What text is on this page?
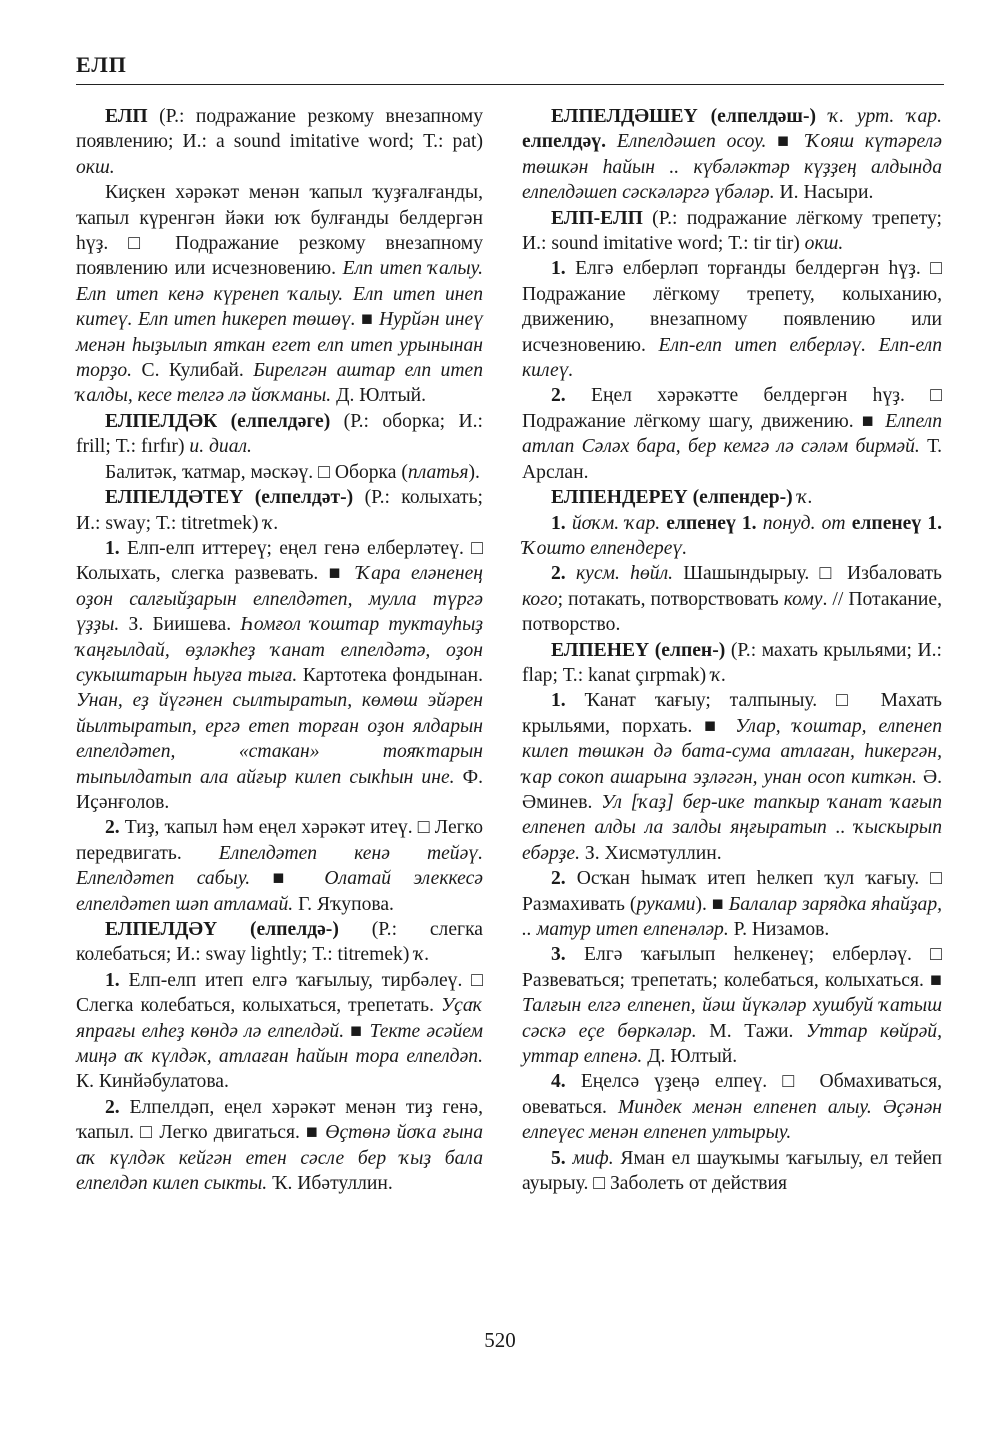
ЕЛП

ЕЛП (Р.: подражание резкому внезапному появлению; И.: a sound imitative word; Т.: pat) окш.

Киҫкен хәрәкәт менән ҡапыл ҡуҙғалғанды, ҡапыл күренгән йәки юҡ булғанды белдергән һүҙ. □ Подражание резкому внезапному появлению или исчезновению. Елп итеп ҡалыу. Елп итеп кенә күренеп ҡалыу. Елп итеп инеп китеү. Елп итеп һикереп төшөү. ■ Нурйән инеү менән һыҙылып яткан егет елп итеп урынынан торҙо. С. Кулибай. Бирелгән аштар елп итеп ҡалды, кесе телгә лә йоҡманы. Д. Юлтый.

ЕЛПЕЛДӘК (елпелдәге) (Р.: оборка; И.: frill; Т.: fırfır) и. диал.

Балитәк, ҡатмар, мәскәү. □ Оборка (платья).

ЕЛПЕЛДӘТЕҮ (елпелдәт-) (Р.: колыхать; И.: sway; Т.: titretmek) ҡ.

1. Елп-елп иттереү; еңел генә елберләтеү. □ Колыхать, слегка развевать. ■ Ҡара еләненең оҙон салғыйҙарын елпелдәтеп, мулла түргә үҙҙы. З. Биишева. Һомғол ҡоштар туктауһыҙ ҡаңғылдай, өҙләкһеҙ ҡанат елпелдәтә, оҙон сукыштарын һыуға тыға. Картотека фондынан. Унан, еҙ йүгәнен сылтыратып, көмөш эйәрен йылтыратып, ергә етеп торған оҙон ялдарын елпелдәтеп, «стакан» тояҡтарын тыпылдатып ала айғыр килеп сыкһын ине. Ф. Иҫәнғолов.

2. Тиҙ, ҡапыл һәм еңел хәрәкәт итеү. □ Легко передвигать. Елпелдәтеп кенә тейәү. Елпелдәтеп сабыу. ■ Олатай элеккесә елпелдәтеп шәп атламай. Г. Яҡупова.

ЕЛПЕЛДӘҮ (елпелдә-) (Р.: слегка колебаться; И.: sway lightly; Т.: titremek) ҡ.

1. Елп-елп итеп елгә ҡағылыу, тирбәлеү. □ Слегка колебаться, колыхаться, трепетать. Уҫаҡ япрағы елһеҙ көндә лә елпелдәй. ■ Текте әсәйем миңә аҡ күлдәк, атлаған һайын тора елпелдәп. К. Кинйәбулатова.

2. Елпелдәп, еңел хәрәкәт менән тиҙ генә, ҡапыл. □ Легко двигаться. ■ Өҫтөнә йоҡа ғына аҡ күлдәк кейгән етен сәсле бер ҡыҙ бала елпелдәп килеп сыкты. Ҡ. Ибәтуллин.

ЕЛПЕЛДӘШЕҮ (елпелдәш-) ҡ. урт. ҡар. елпелдәү. Елпелдәшеп осоу. ■ Ҡояш күтәрелә төшкән һайын .. күбәләктәр күҙҙең алдында елпелдәшеп сәскәләргә үбәләр. И. Насыри.

ЕЛП-ЕЛП (Р.: подражание лёгкому трепету; И.: sound imitative word; Т.: tir tir) окш.

1. Елгә елберләп торғанды белдергән һүҙ. □ Подражание лёгкому трепету, колыханию, движению, внезапному появлению или исчезновению. Елп-елп итеп елберләү. Елп-елп килеү.

2. Еңел хәрәкәтте белдергән һүҙ. □ Подражание лёгкому шагу, движению. ■ Елпелп атлап Сәләх бара, бер кемгә лә сәләм бирмәй. Т. Арслан.

ЕЛПЕНДЕРЕҮ (елпендер-) ҡ.

1. йоҡм. ҡар. елпенеү 1. понуд. от елпенеү 1. Ҡошто елпендереү.

2. кусм. һөйл. Шашындырыу. □ Избаловать кого; потакать, потворствовать кому. // Потакание, потворство.

ЕЛПЕНЕҮ (елпен-) (Р.: махать крыльями; И.: flap; Т.: kanat çırpmak) ҡ.

1. Ҡанат ҡағыу; талпыныу. □ Махать крыльями, порхать. ■ Улар, ҡоштар, елпенеп килеп төшкән дә бата-сума атлаған, һикергән, ҡар сокоп ашарына эҙләгән, унан осоп киткән. Ә. Әминев. Ул [ҡаҙ] бер-ике тапкыр ҡанат ҡағып елпенеп алды ла залды яңғыратып .. ҡыскырып ебәрҙе. З. Хисмәтуллин.

2. Осҡан һымаҡ итеп һелкеп ҡул ҡағыу. □ Размахивать (руками). ■ Балалар зарядка яһайҙар, .. матур итеп елпенәләр. Р. Низамов.

3. Елгә ҡағылып һелкенеү; елберләү. □ Развеваться; трепетать; колебаться, колыхаться. ■ Талғын елгә елпенеп, йәш йүкәләр хушбуй ҡатыш сәскә еҫе бөркәләр. М. Тажи. Уттар көйрәй, уттар елпенә. Д. Юлтый.

4. Еңелсә үҙеңә елпеү. □ Обмахиваться, овеваться. Миндек менән елпенеп алыу. Әҫәнән елпеүес менән елпенеп ултырыу.

5. миф. Яман ел шауҡымы ҡағылыу, ел тейеп ауырыу. □ Заболеть от действия

520
